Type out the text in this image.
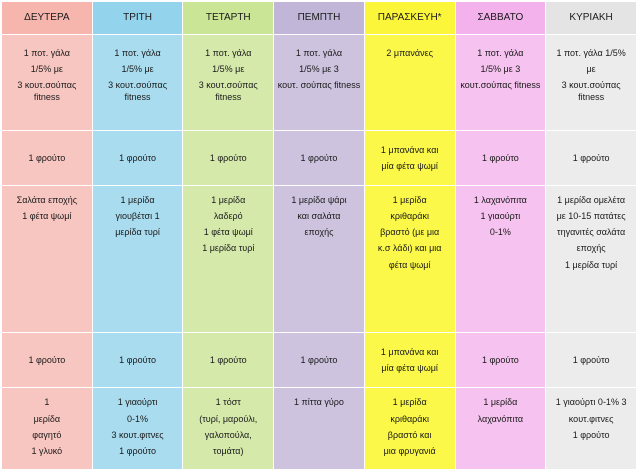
ΔΕΥΤΕΡΑ	ΤΡΙΤΗ	ΤΕΤΑΡΤΗ	ΠΕΜΠΤΗ	ΠΑΡΑΣΚΕΥΗ*	ΣΑΒΒΑΤΟ	ΚΥΡΙΑΚΗ

1 ποτ. γάλα
1/5% με
3 κουτ.σούπας fitness	1 ποτ. γάλα
1/5% με
3 κουτ.σούπας fitness	1 ποτ. γάλα
1/5% με
3 κουτ.σούπας fitness	1 ποτ. γάλα
1/5% με 3
κουτ. σούπας fitness	2 μπανάνες	1 ποτ. γάλα
1/5% με 3
κουτ.σούπας fitness	1 ποτ. γάλα 1/5%
με
3 κουτ.σούπας fitness

1 φρούτο	1 φρούτο	1 φρούτο	1 φρούτο	1 μπανάνα και
μία φέτα ψωμί	1 φρούτο	1 φρούτο

Σαλάτα εποχής
1 φέτα ψωμί	1 μερίδα
γιουβέτσι 1
μερίδα τυρί	1 μερίδα
λαδερό
1 φέτα ψωμί
1 μερίδα τυρί	1 μερίδα ψάρι
και σαλάτα
εποχής	1 μερίδα
κριθαράκι
βραστό (με μια
κ.σ λάδι) και μια
φέτα ψωμί	1 λαχανόπιτα
1 γιαούρτι
0-1%	1 μερίδα ομελέτα
με 10-15 πατάτες
τηγανιτές σαλάτα
εποχής
1 μερίδα τυρί

1 φρούτο	1 φρούτο	1 φρούτο	1 φρούτο	1 μπανάνα και
μία φέτα ψωμί	1 φρούτο	1 φρούτο

1
μερίδα
φαγητό
1 γλυκό	1 γιαούρτι
0-1%
3 κουτ.φιτνες
1 φρούτο	1 τόστ
(τυρί, μαρούλι,
γαλοπούλα,
τομάτα)	1 πίττα γύρο	1 μερίδα
κριθαράκι
βραστό και
μια φρυγανιά	1 μερίδα
λαχανόπιτα	1 γιαούρτι 0-1% 3
κουτ.φιτνες
1 φρούτο
